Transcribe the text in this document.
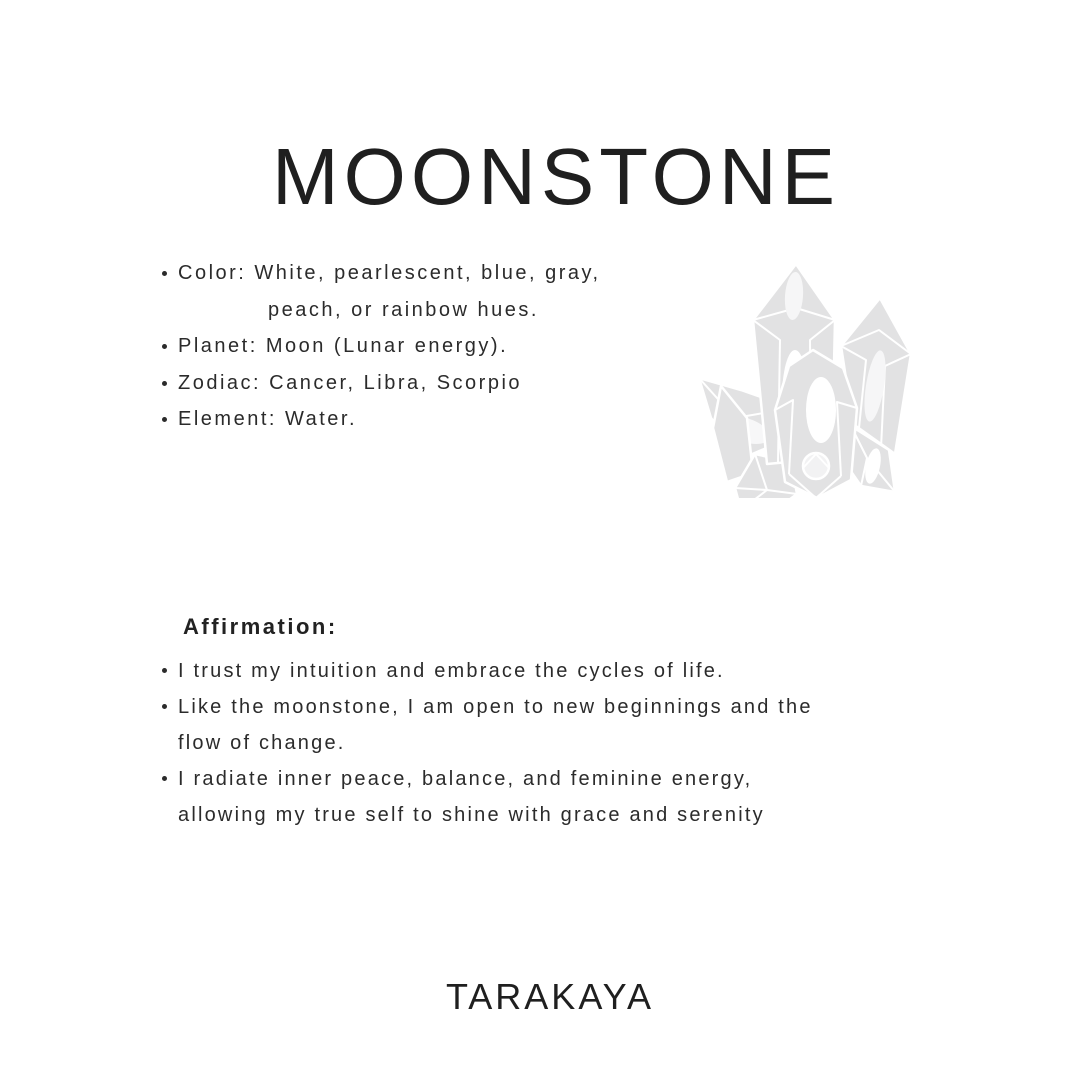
MOONSTONE
Color: White, pearlescent, blue, gray,
peach, or rainbow hues.
Planet: Moon (Lunar energy).
Zodiac: Cancer, Libra, Scorpio
Element: Water.
Affirmation:
I trust my intuition and embrace the cycles of life.
Like the moonstone, I am open to new beginnings and the
flow of change.
I radiate inner peace, balance, and feminine energy,
allowing my true self to shine with grace and serenity
TARAKAYA
